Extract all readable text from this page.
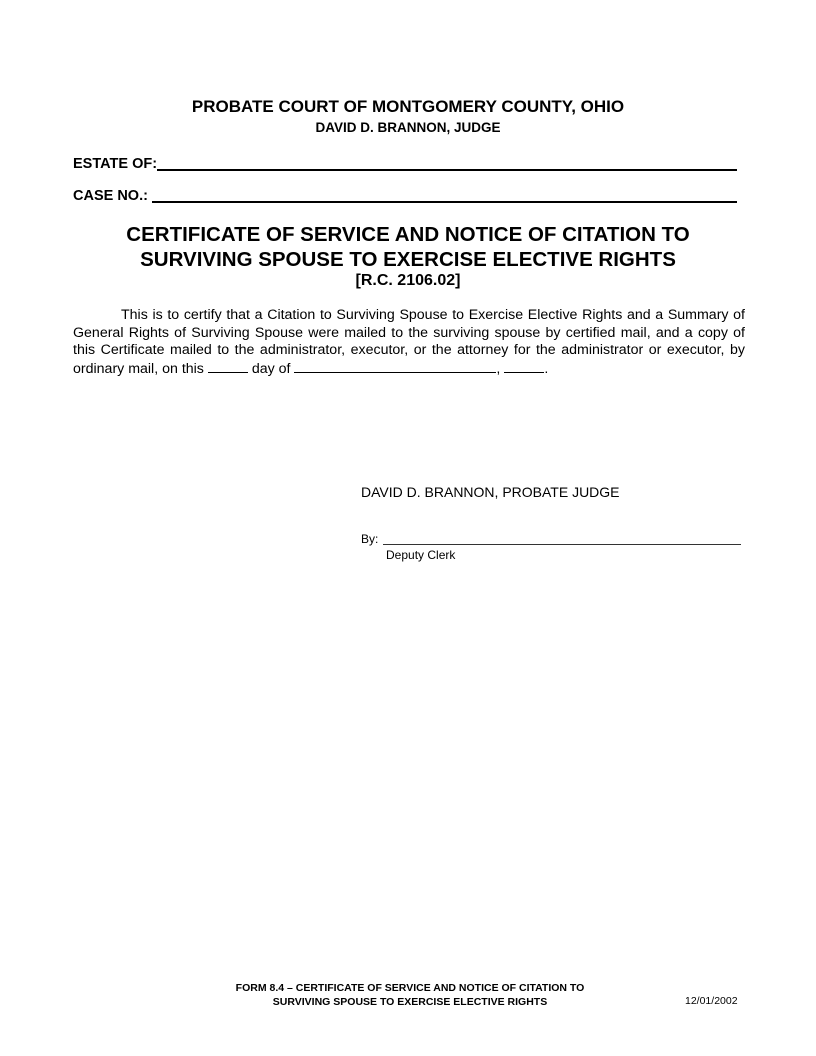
PROBATE COURT OF MONTGOMERY COUNTY, OHIO
DAVID D. BRANNON, JUDGE
ESTATE OF:
CASE NO.:
CERTIFICATE OF SERVICE AND NOTICE OF CITATION TO
SURVIVING SPOUSE TO EXERCISE ELECTIVE RIGHTS
[R.C. 2106.02]
This is to certify that a Citation to Surviving Spouse to Exercise Elective Rights and a Summary of General Rights of Surviving Spouse were mailed to the surviving spouse by certified mail, and a copy of this Certificate mailed to the administrator, executor, or the attorney for the administrator or executor, by ordinary mail, on this	day of	,	.
DAVID D. BRANNON, PROBATE JUDGE
By:
Deputy Clerk
FORM 8.4 – CERTIFICATE OF SERVICE AND NOTICE OF CITATION TO
SURVIVING SPOUSE TO EXERCISE ELECTIVE RIGHTS	12/01/2002
